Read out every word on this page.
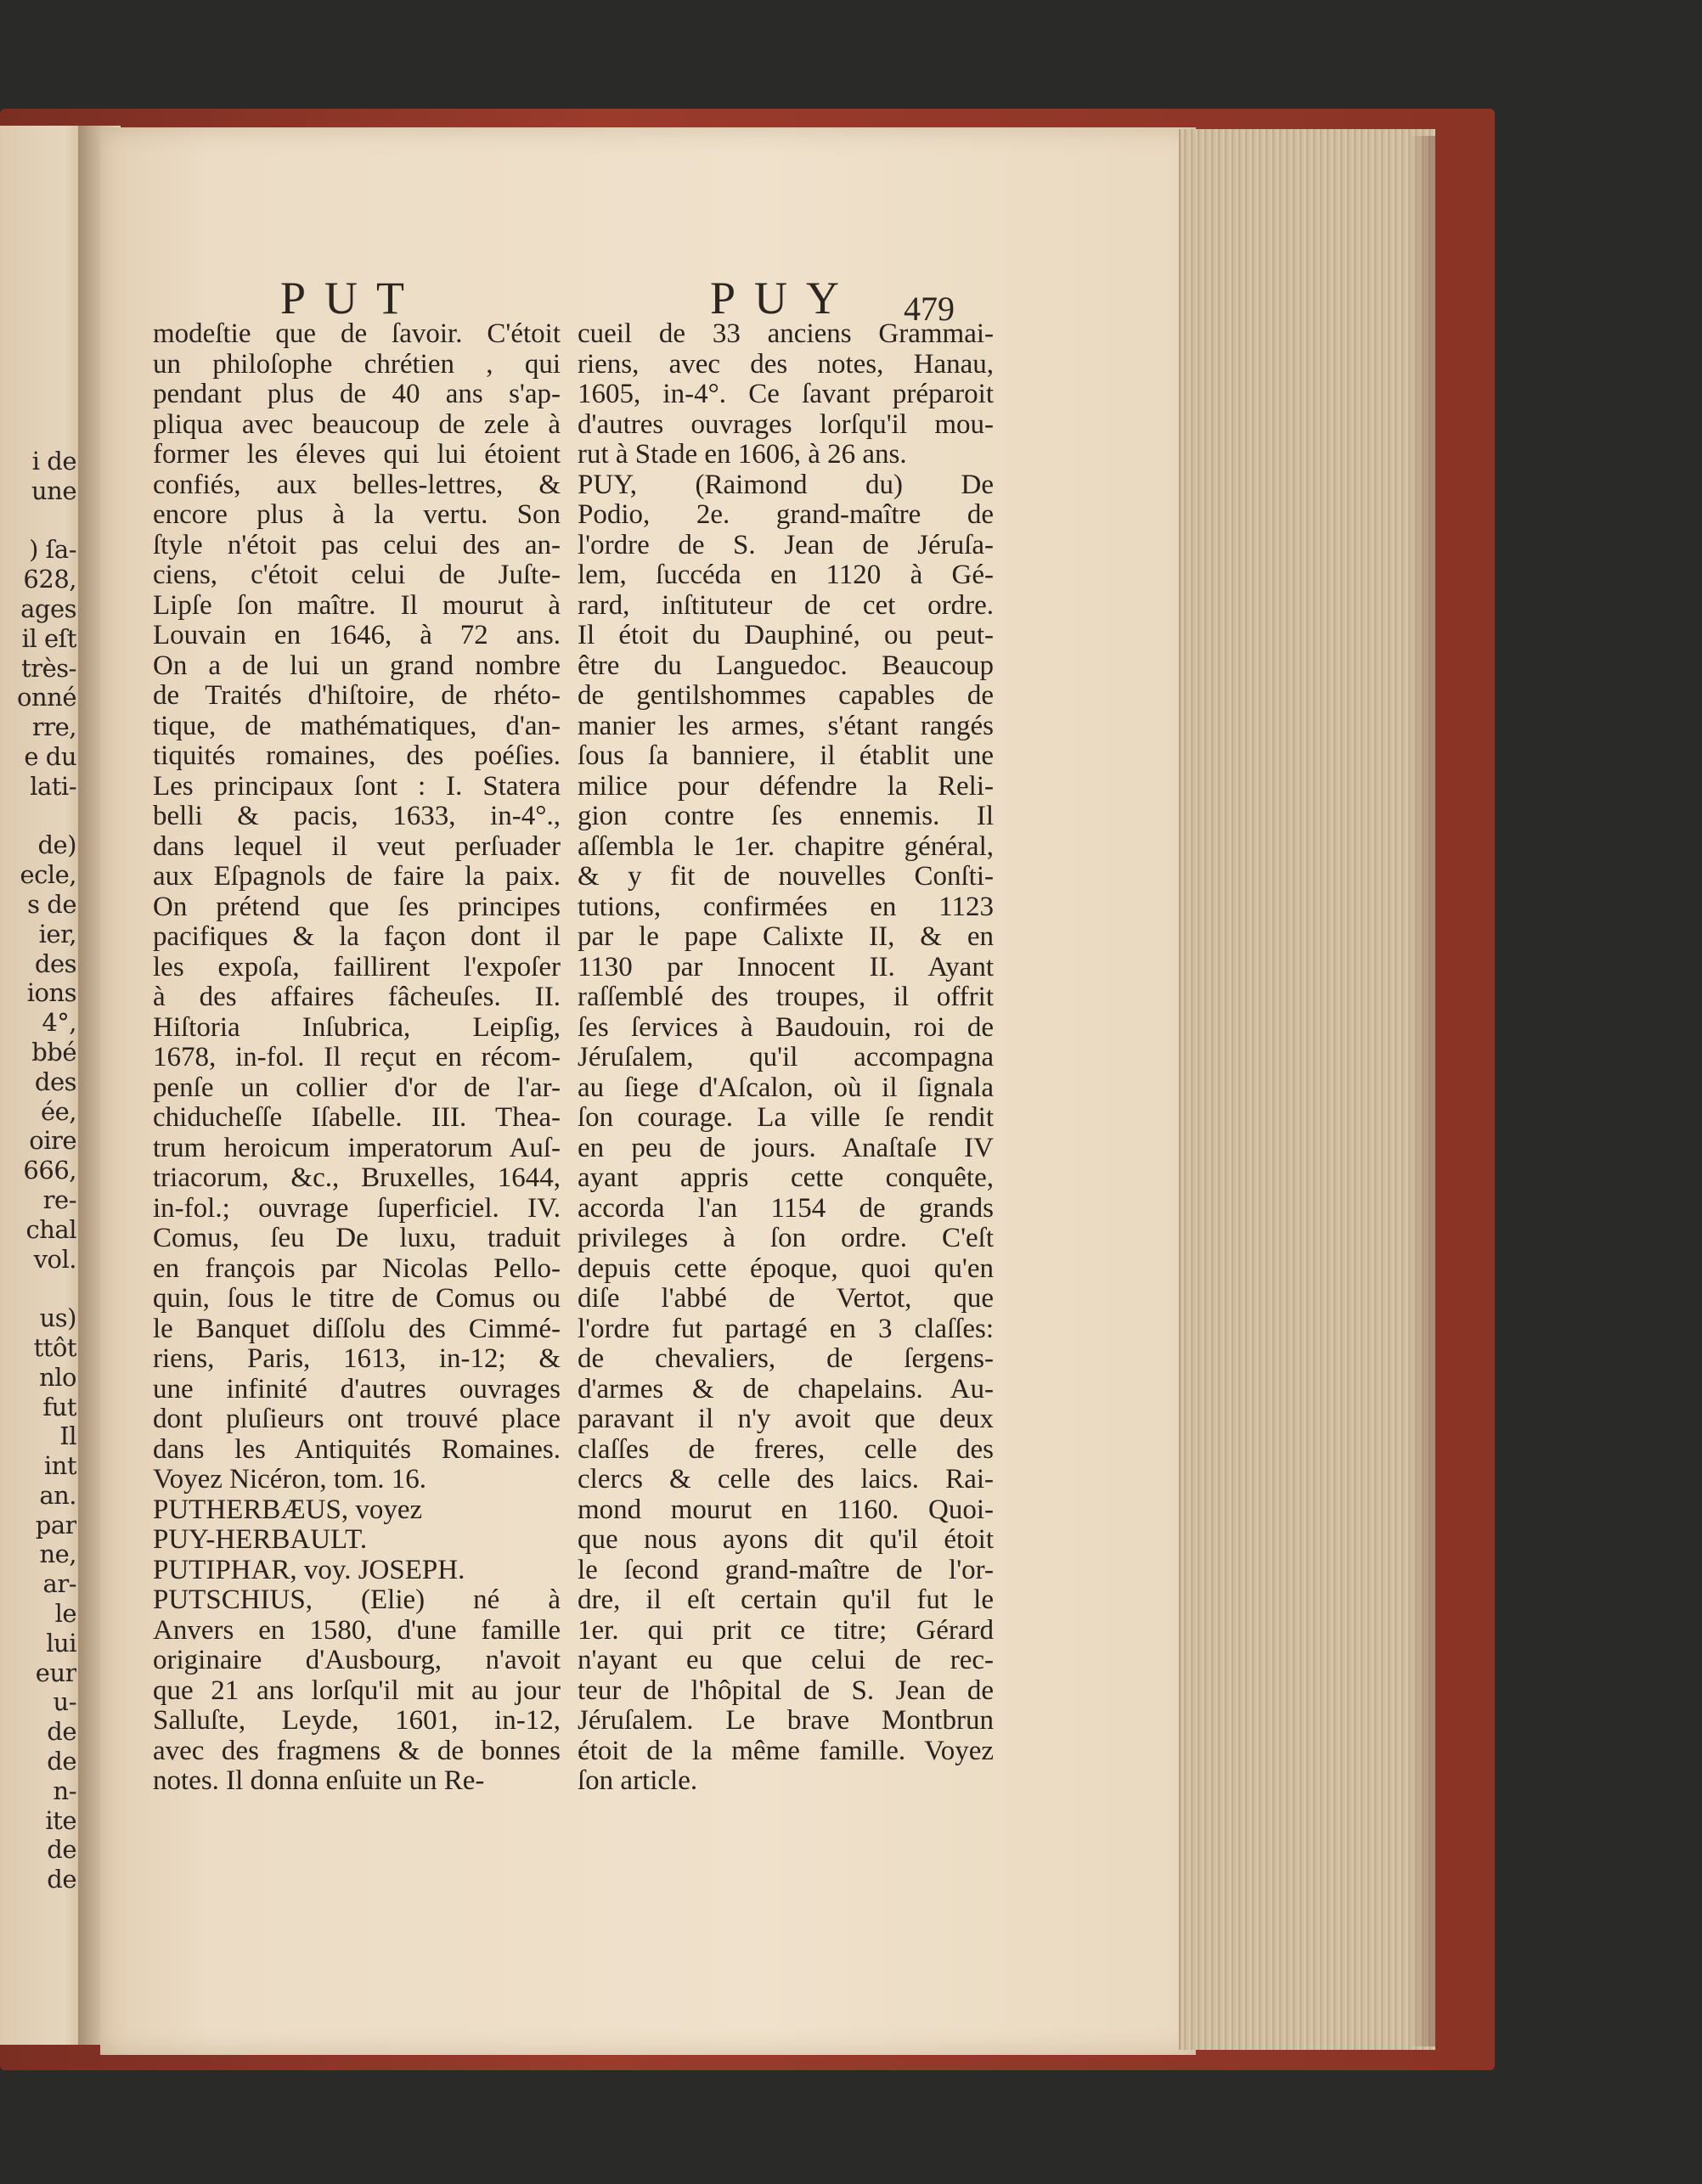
i de
une

) ſa-
628,
ages
il eſt
très-
onné
rre,
e du
lati-

de)
ecle,
s de
ier,
des
ions
4°,
bbé
des
ée,
oire
666,
re-
chal
vol.

us)
ttôt
nlo
fut
Il
int
an.
par
ne,
ar-
le
lui
eur
u-
de
de
n-
ite
de
de
PUT	PUY 479
modeſtie que de ſavoir. C'étoit
un philoſophe chrétien , qui
pendant plus de 40 ans s'ap-
pliqua avec beaucoup de zele à
former les éleves qui lui étoient
confiés, aux belles-lettres, &
encore plus à la vertu. Son
ſtyle n'étoit pas celui des an-
ciens, c'étoit celui de Juſte-
Lipſe ſon maître. Il mourut à
Louvain en 1646, à 72 ans.
On a de lui un grand nombre
de Traités d'hiſtoire, de rhéto-
tique, de mathématiques, d'an-
tiquités romaines, des poéſies.
Les principaux ſont : I. Statera
belli & pacis, 1633, in-4°.,
dans lequel il veut perſuader
aux Eſpagnols de faire la paix.
On prétend que ſes principes
pacifiques & la façon dont il
les expoſa, faillirent l'expoſer
à des affaires fâcheuſes. II.
Hiſtoria Inſubrica, Leipſig,
1678, in-fol. Il reçut en récom-
penſe un collier d'or de l'ar-
chiducheſſe Iſabelle. III. Thea-
trum heroicum imperatorum Auſ-
triacorum, &c., Bruxelles, 1644,
in-fol.; ouvrage ſuperficiel. IV.
Comus, ſeu De luxu, traduit
en françois par Nicolas Pello-
quin, ſous le titre de Comus ou
le Banquet diſſolu des Cimmé-
riens, Paris, 1613, in-12; &
une infinité d'autres ouvrages
dont pluſieurs ont trouvé place
dans les Antiquités Romaines.
Voyez Nicéron, tom. 16.
PUTHERBÆUS, voyez
PUY-HERBAULT.
PUTIPHAR, voy. JOSEPH.
PUTSCHIUS, (Elie) né à
Anvers en 1580, d'une famille
originaire d'Ausbourg, n'avoit
que 21 ans lorſqu'il mit au jour
Salluſte, Leyde, 1601, in-12,
avec des fragmens & de bonnes
notes. Il donna enſuite un Re-
cueil de 33 anciens Grammai-
riens, avec des notes, Hanau,
1605, in-4°. Ce ſavant préparoit
d'autres ouvrages lorſqu'il mou-
rut à Stade en 1606, à 26 ans.
PUY, (Raimond du) De
Podio, 2e. grand-maître de
l'ordre de S. Jean de Jéruſa-
lem, ſuccéda en 1120 à Gé-
rard, inſtituteur de cet ordre.
Il étoit du Dauphiné, ou peut-
être du Languedoc. Beaucoup
de gentilshommes capables de
manier les armes, s'étant rangés
ſous ſa banniere, il établit une
milice pour défendre la Reli-
gion contre ſes ennemis. Il
aſſembla le 1er. chapitre général,
& y fit de nouvelles Conſti-
tutions, confirmées en 1123
par le pape Calixte II, & en
1130 par Innocent II. Ayant
raſſemblé des troupes, il offrit
ſes ſervices à Baudouin, roi de
Jéruſalem, qu'il accompagna
au ſiege d'Aſcalon, où il ſignala
ſon courage. La ville ſe rendit
en peu de jours. Anaſtaſe IV
ayant appris cette conquête,
accorda l'an 1154 de grands
privileges à ſon ordre. C'eſt
depuis cette époque, quoi qu'en
diſe l'abbé de Vertot, que
l'ordre fut partagé en 3 claſſes:
de chevaliers, de ſergens-
d'armes & de chapelains. Au-
paravant il n'y avoit que deux
claſſes de freres, celle des
clercs & celle des laics. Rai-
mond mourut en 1160. Quoi-
que nous ayons dit qu'il étoit
le ſecond grand-maître de l'or-
dre, il eſt certain qu'il fut le
1er. qui prit ce titre; Gérard
n'ayant eu que celui de rec-
teur de l'hôpital de S. Jean de
Jéruſalem. Le brave Montbrun
étoit de la même famille. Voyez
ſon article.
